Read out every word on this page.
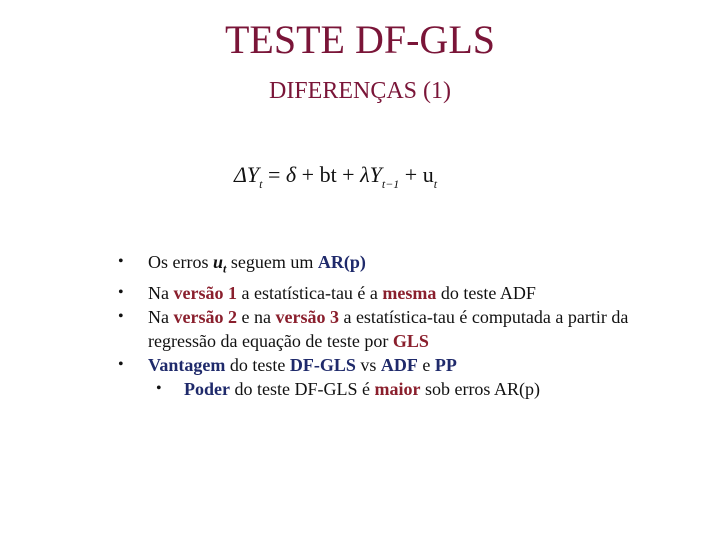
TESTE DF-GLS
DIFERENÇAS (1)
$\Delta Y_t = \delta$ + bt + $\lambda Y_{t-1} + u_t$
• Os erros $u_t$ seguem um AR(p)
• Na versão 1 a estatística-tau é a mesma do teste ADF
• Na versão 2 e na versão 3 a estatística-tau é computada a partir da regressão da equação de teste por GLS
• Vantagem do teste DF-GLS vs ADF e PP
• Poder do teste DF-GLS é maior sob erros AR(p)
